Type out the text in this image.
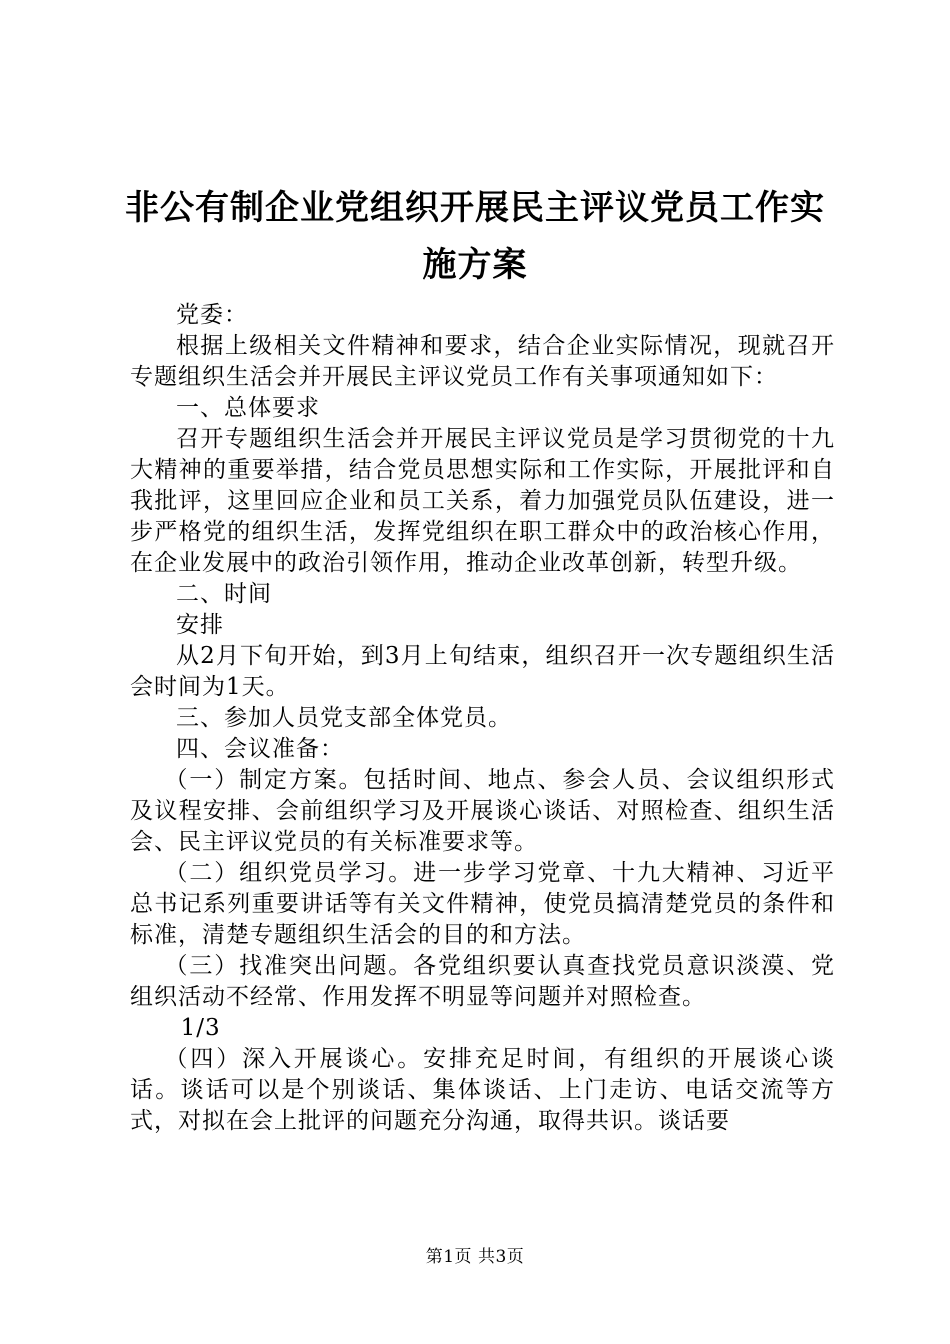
非公有制企业党组织开展民主评议党员工作实
施方案

党委：

根据上级相关文件精神和要求，结合企业实际情况，现就召开专题组织生活会并开展民主评议党员工作有关事项通知如下：

一、总体要求

召开专题组织生活会并开展民主评议党员是学习贯彻党的十九大精神的重要举措，结合党员思想实际和工作实际，开展批评和自我批评，这里回应企业和员工关系，着力加强党员队伍建设，进一步严格党的组织生活，发挥党组织在职工群众中的政治核心作用，在企业发展中的政治引领作用，推动企业改革创新，转型升级。

二、时间

安排

从2月下旬开始，到3月上旬结束，组织召开一次专题组织生活会时间为1天。

三、参加人员党支部全体党员。

四、会议准备：

（一）制定方案。包括时间、地点、参会人员、会议组织形式及议程安排、会前组织学习及开展谈心谈话、对照检查、组织生活会、民主评议党员的有关标准要求等。

（二）组织党员学习。进一步学习党章、十九大精神、习近平总书记系列重要讲话等有关文件精神，使党员搞清楚党员的条件和标准，清楚专题组织生活会的目的和方法。

（三）找准突出问题。各党组织要认真查找党员意识淡漠、党组织活动不经常、作用发挥不明显等问题并对照检查。

1/3

（四）深入开展谈心。安排充足时间，有组织的开展谈心谈话。谈话可以是个别谈话、集体谈话、上门走访、电话交流等方式，对拟在会上批评的问题充分沟通，取得共识。谈话要

第1页 共3页
